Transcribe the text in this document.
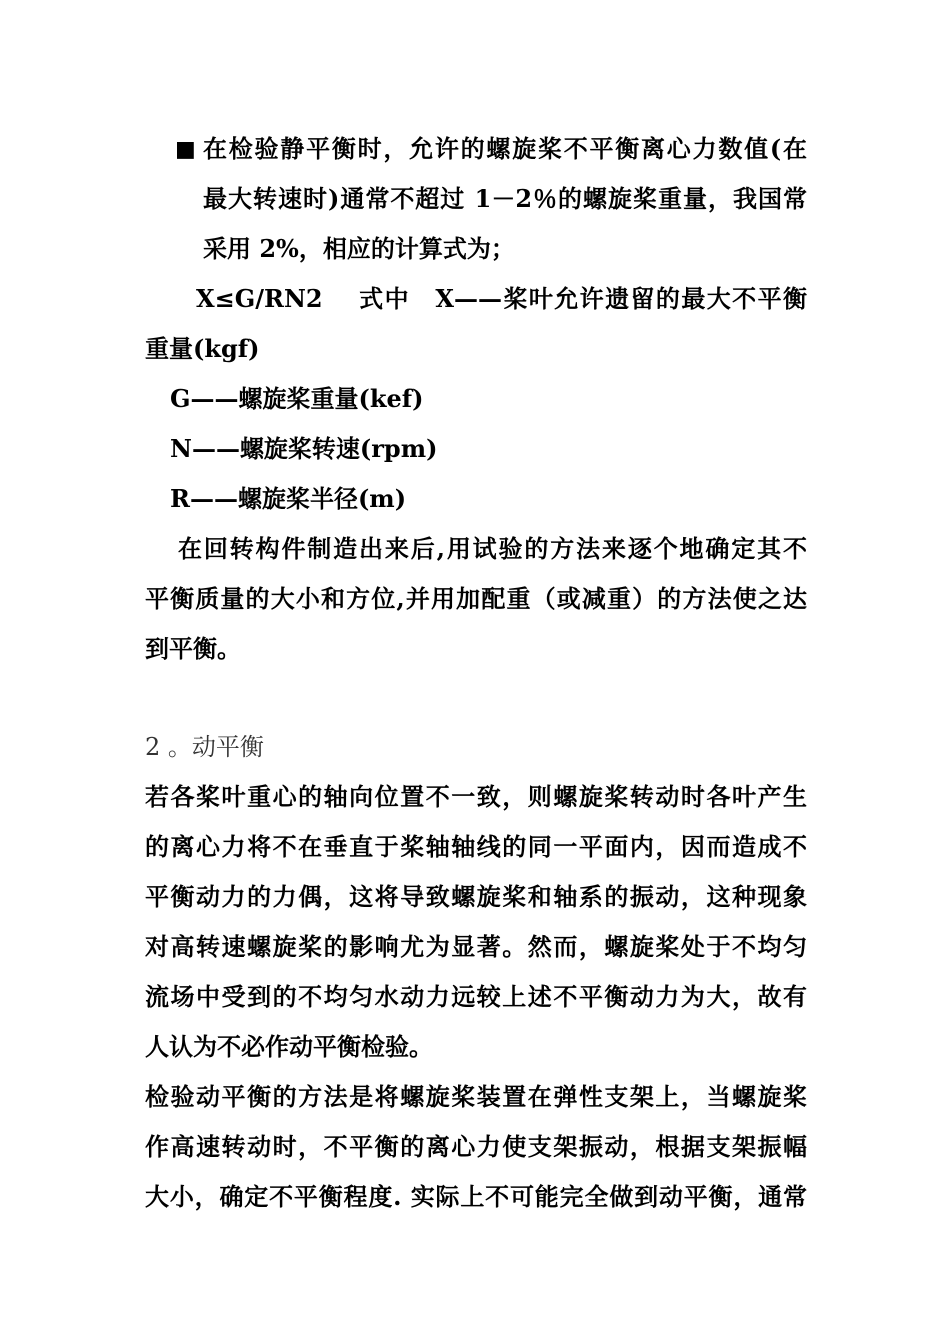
■ 在检验静平衡时，允许的螺旋桨不平衡离心力数值(在
最大转速时)通常不超过 1－2％的螺旋桨重量，我国常
采用 2%，相应的计算式为；
X≤G/RN2　 式中　X——桨叶允许遗留的最大不平衡
重量(kgf)
G——螺旋桨重量(kef)
N——螺旋桨转速(rpm)
R——螺旋桨半径(m)
在回转构件制造出来后,用试验的方法来逐个地确定其不
平衡质量的大小和方位,并用加配重（或减重）的方法使之达
到平衡。
2 。动平衡
若各桨叶重心的轴向位置不一致，则螺旋桨转动时各叶产生
的离心力将不在垂直于桨轴轴线的同一平面内，因而造成不
平衡动力的力偶，这将导致螺旋桨和轴系的振动，这种现象
对高转速螺旋桨的影响尤为显著。然而，螺旋桨处于不均匀
流场中受到的不均匀水动力远较上述不平衡动力为大，故有
人认为不必作动平衡检验。
检验动平衡的方法是将螺旋桨装置在弹性支架上，当螺旋桨
作高速转动时，不平衡的离心力使支架振动，根据支架振幅
大小，确定不平衡程度. 实际上不可能完全做到动平衡，通常
